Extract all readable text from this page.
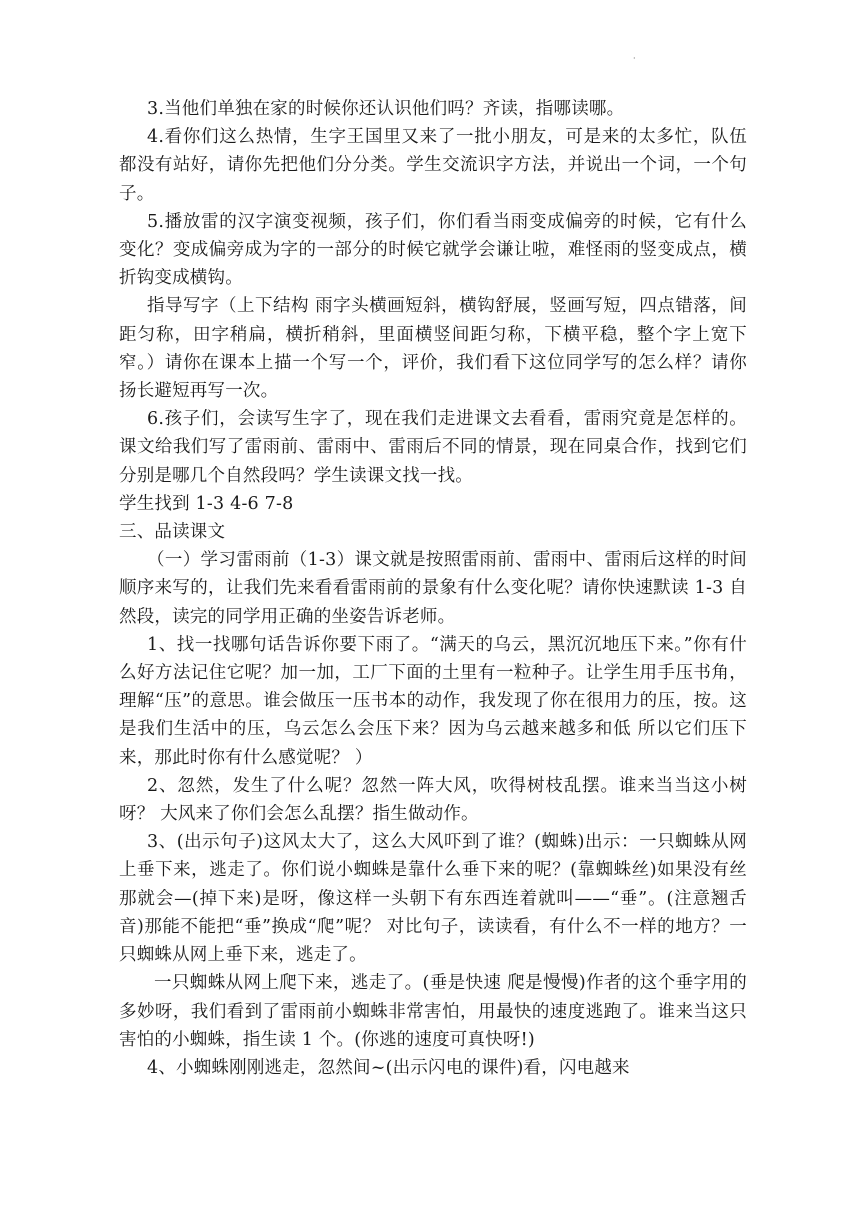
·

3.当他们单独在家的时候你还认识他们吗？齐读，指哪读哪。

4.看你们这么热情，生字王国里又来了一批小朋友，可是来的太多忙，队伍都没有站好，请你先把他们分分类。学生交流识字方法，并说出一个词，一个句子。

5.播放雷的汉字演变视频，孩子们，你们看当雨变成偏旁的时候，它有什么变化？变成偏旁成为字的一部分的时候它就学会谦让啦，难怪雨的竖变成点，横折钩变成横钩。

指导写字（上下结构 雨字头横画短斜，横钩舒展，竖画写短，四点错落，间距匀称，田字稍扁，横折稍斜，里面横竖间距匀称，下横平稳，整个字上宽下窄。）请你在课本上描一个写一个，评价，我们看下这位同学写的怎么样？请你扬长避短再写一次。

6.孩子们，会读写生字了，现在我们走进课文去看看，雷雨究竟是怎样的。课文给我们写了雷雨前、雷雨中、雷雨后不同的情景，现在同桌合作，找到它们分别是哪几个自然段吗？学生读课文找一找。

学生找到 1-3 4-6 7-8

三、品读课文

（一）学习雷雨前（1-3）课文就是按照雷雨前、雷雨中、雷雨后这样的时间顺序来写的，让我们先来看看雷雨前的景象有什么变化呢？请你快速默读 1-3 自然段，读完的同学用正确的坐姿告诉老师。

1、找一找哪句话告诉你要下雨了。“满天的乌云，黑沉沉地压下来。”你有什么好方法记住它呢？加一加，工厂下面的土里有一粒种子。让学生用手压书角，理解“压”的意思。谁会做压一压书本的动作，我发现了你在很用力的压，按。这是我们生活中的压，乌云怎么会压下来？因为乌云越来越多和低 所以它们压下来，那此时你有什么感觉呢？ ）

2、忽然，发生了什么呢？忽然一阵大风，吹得树枝乱摆。谁来当当这小树呀？ 大风来了你们会怎么乱摆？指生做动作。

3、(出示句子)这风太大了，这么大风吓到了谁？(蜘蛛)出示：一只蜘蛛从网上垂下来，逃走了。你们说小蜘蛛是靠什么垂下来的呢？(靠蜘蛛丝)如果没有丝那就会—(掉下来)是呀，像这样一头朝下有东西连着就叫——“垂”。(注意翘舌音)那能不能把“垂”换成“爬”呢？ 对比句子，读读看，有什么不一样的地方？一只蜘蛛从网上垂下来，逃走了。

一只蜘蛛从网上爬下来，逃走了。(垂是快速 爬是慢慢)作者的这个垂字用的多妙呀，我们看到了雷雨前小蜘蛛非常害怕，用最快的速度逃跑了。谁来当这只害怕的小蜘蛛，指生读 1 个。(你逃的速度可真快呀!)

4、小蜘蛛刚刚逃走，忽然间~(出示闪电的课件)看，闪电越来
